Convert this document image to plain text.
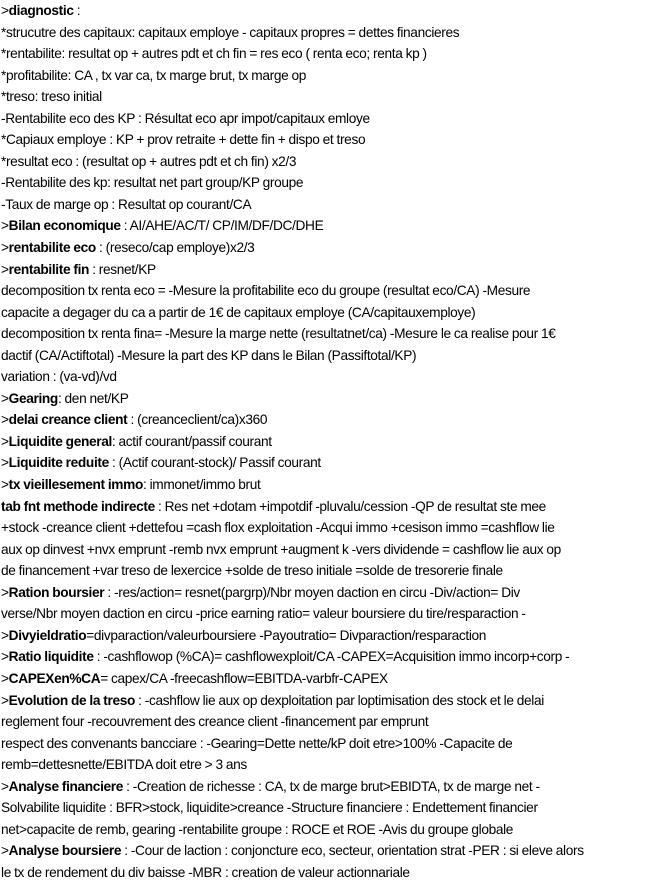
>diagnostic :
*strucutre des capitaux: capitaux employe - capitaux propres = dettes financieres
*rentabilite: resultat op + autres pdt et ch fin = res eco ( renta eco; renta kp )
*profitabilite: CA , tx var ca, tx marge brut, tx marge op
*treso: treso initial
-Rentabilite eco des KP : Résultat eco apr impot/capitaux emloye
*Capiaux employe : KP + prov retraite + dette fin + dispo et treso
*resultat eco : (resultat op + autres pdt et ch fin) x2/3
-Rentabilite des kp: resultat net part group/KP groupe
-Taux de marge op : Resultat op courant/CA
>Bilan economique : AI/AHE/AC/T/ CP/IM/DF/DC/DHE
>rentabilite eco : (reseco/cap employe)x2/3
>rentabilite fin : resnet/KP
decomposition tx renta eco = -Mesure la profitabilite eco du groupe (resultat eco/CA) -Mesure
capacite a degager du ca a partir de 1€ de capitaux employe (CA/capitauxemploye)
decomposition tx renta fina= -Mesure la marge nette (resultatnet/ca) -Mesure le ca realise pour 1€
dactif (CA/Actiftotal) -Mesure la part des KP dans le Bilan (Passiftotal/KP)
variation : (va-vd)/vd
>Gearing: den net/KP
>delai creance client : (creanceclient/ca)x360
>Liquidite general: actif courant/passif courant
>Liquidite reduite : (Actif courant-stock)/ Passif courant
>tx vieillesement immo: immonet/immo brut
tab fnt methode indirecte : Res net +dotam +impotdif -pluvalu/cession -QP de resultat ste mee
+stock -creance client +dettefou =cash flox exploitation -Acqui immo +cesison immo =cashflow lie
aux op dinvest +nvx emprunt -remb nvx emprunt +augment k -vers dividende = cashflow lie aux op
de financement +var treso de lexercice +solde de treso initiale =solde de tresorerie finale
>Ration boursier : -res/action= resnet(pargrp)/Nbr moyen daction en circu -Div/action= Div
verse/Nbr moyen daction en circu -price earning ratio= valeur boursiere du tire/resparaction -
>Divyieldratio=divparaction/valeurboursiere -Payoutratio= Divparaction/resparaction
>Ratio liquidite : -cashflowop (%CA)= cashflowexploit/CA -CAPEX=Acquisition immo incorp+corp -
>CAPEXen%CA= capex/CA -freecashflow=EBITDA-varbfr-CAPEX
>Evolution de la treso : -cashflow lie aux op dexploitation par loptimisation des stock et le delai
reglement four -recouvrement des creance client -financement par emprunt
respect des convenants bancciare : -Gearing=Dette nette/kP doit etre>100% -Capacite de
remb=dettesnette/EBITDA doit etre > 3 ans
>Analyse financiere : -Creation de richesse : CA, tx de marge brut>EBIDTA, tx de marge net -
Solvabilite liquidite : BFR>stock, liquidite>creance -Structure financiere : Endettement financier
net>capacite de remb, gearing -rentabilite groupe : ROCE et ROE -Avis du groupe globale
>Analyse boursiere : -Cour de laction : conjoncture eco, secteur, orientation strat -PER : si eleve alors
le tx de rendement du div baisse -MBR : creation de valeur actionnariale
